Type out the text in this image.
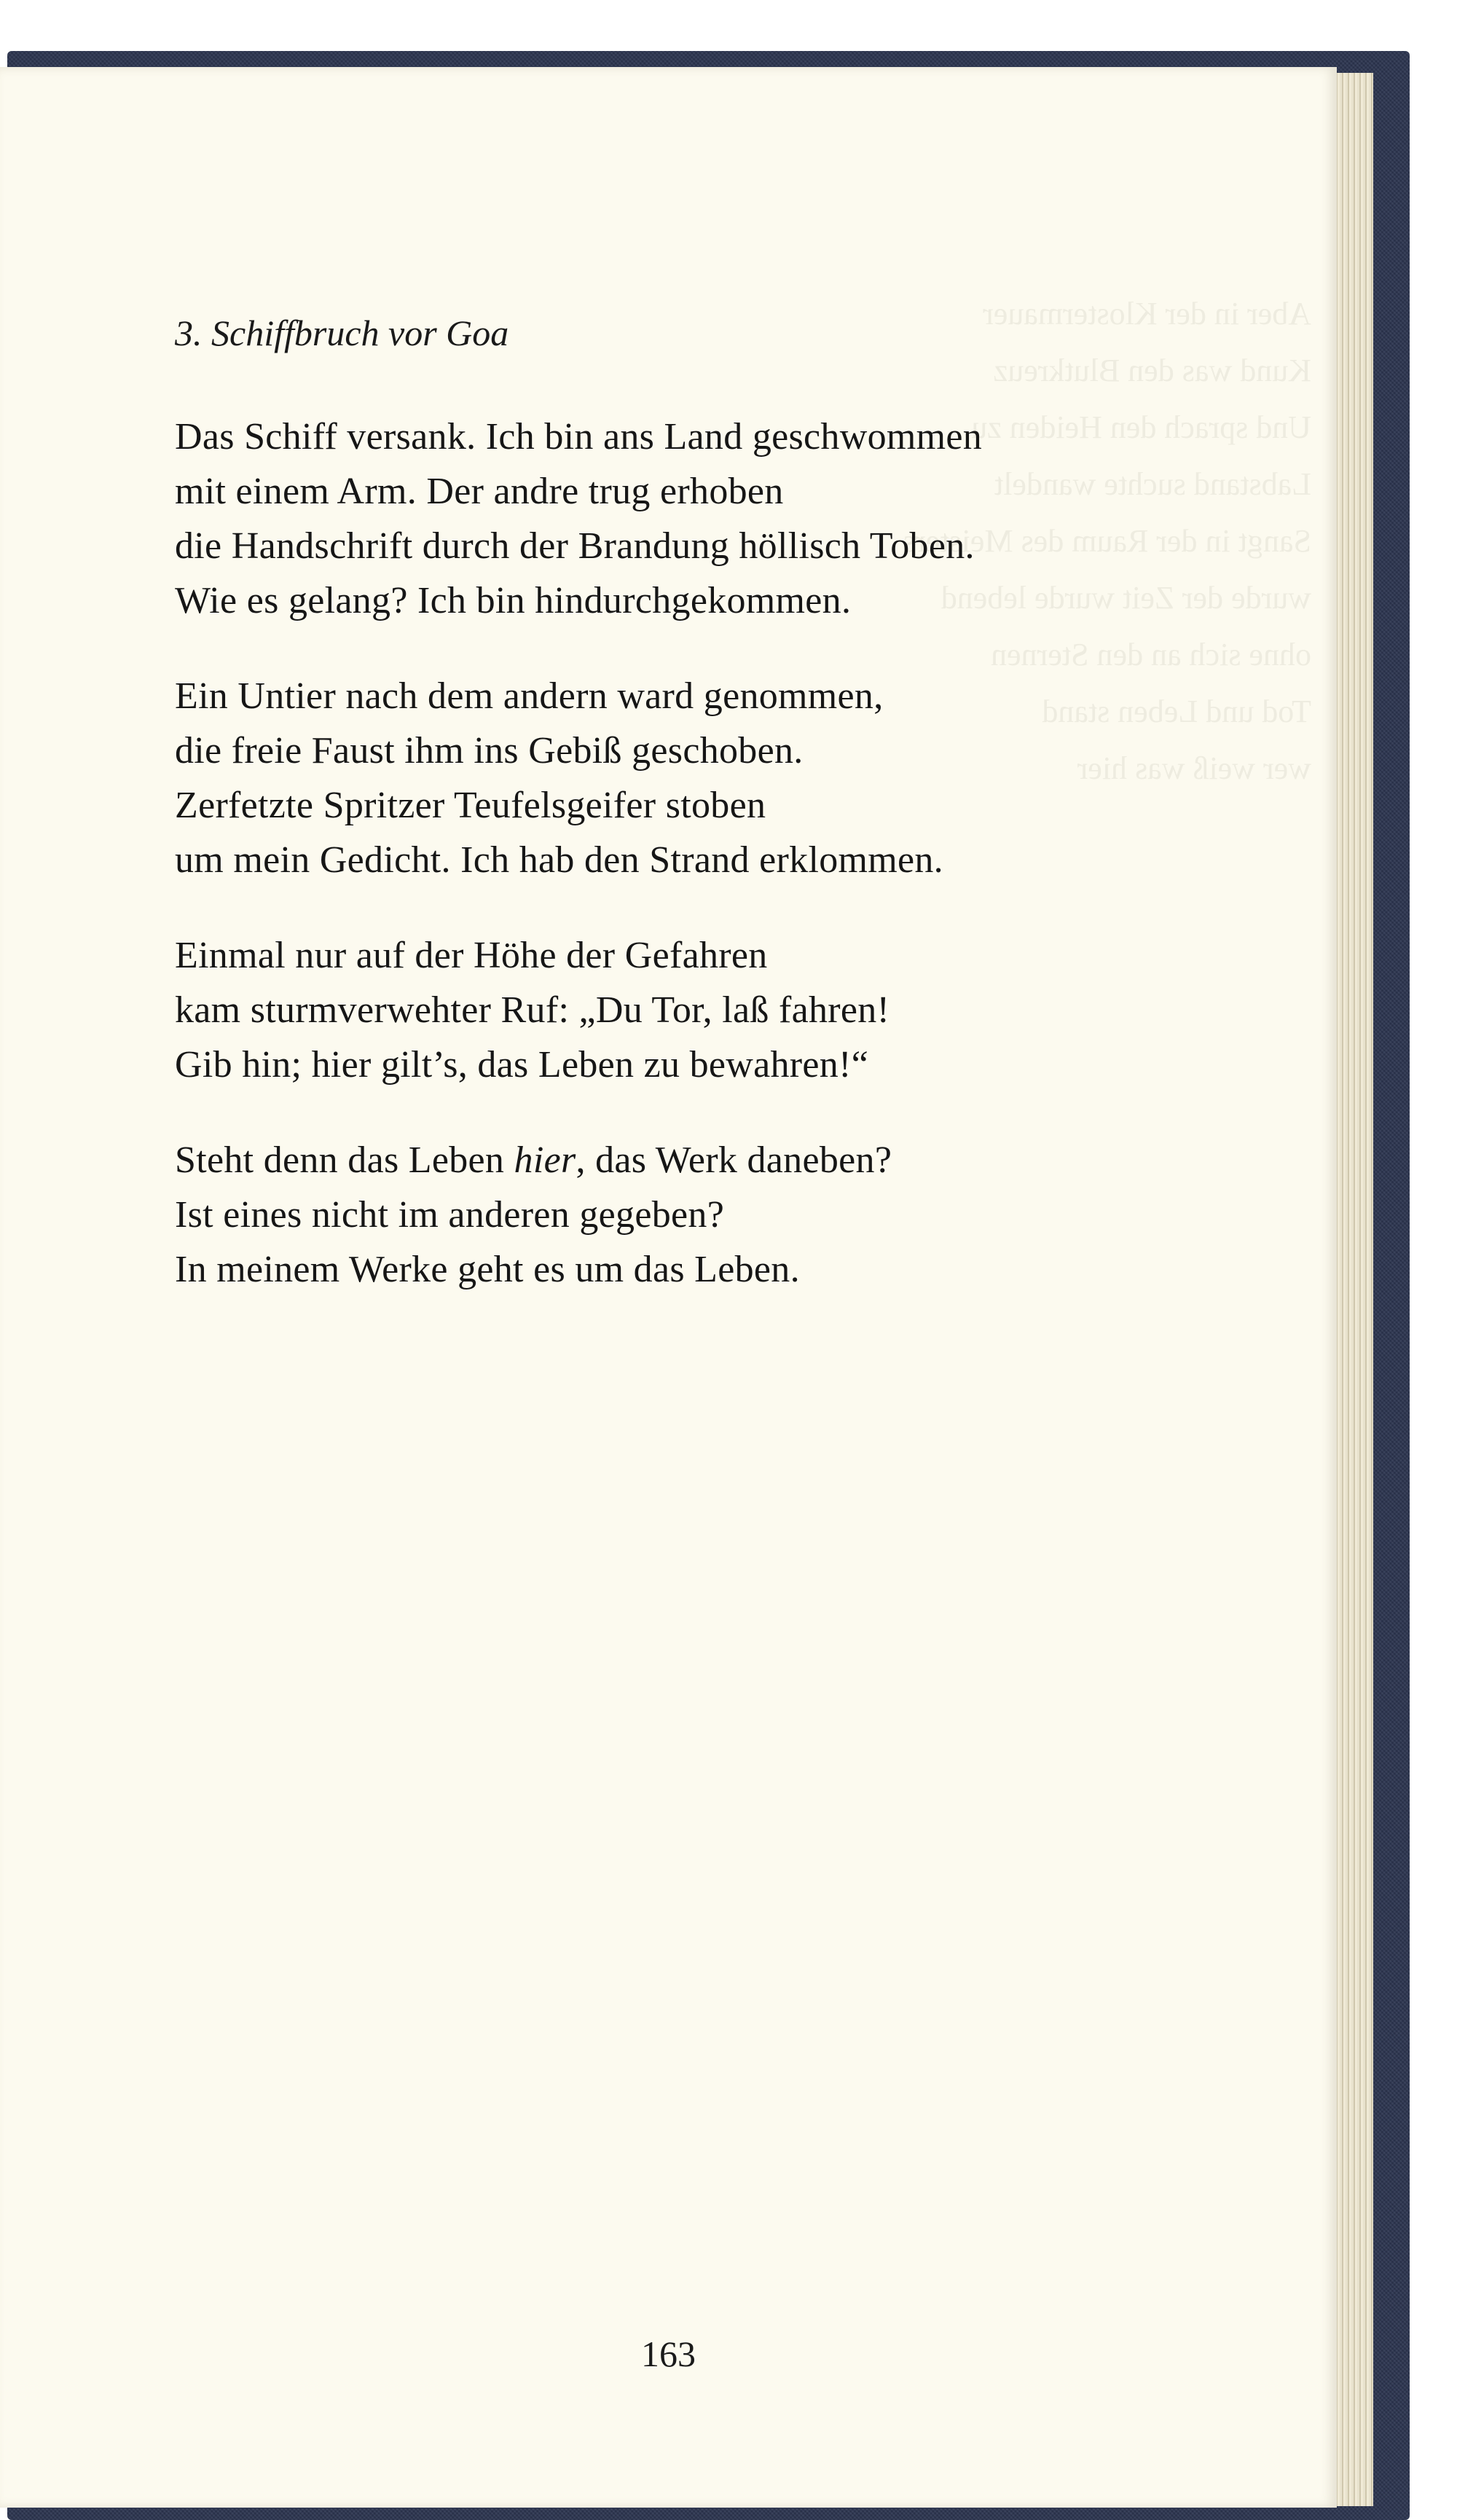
Aber in der Klostermauer
Kund was den Blutkreuz
Und sprach den Heiden zu
Labstand suchte wandelt
Sangt in der Raum des Meisters
wurde der Zeit wurde lebend
ohne sich an den Sternen
Tod und Leben stand
wer weiß was hier
3. Schiffbruch vor Goa
Das Schiff versank. Ich bin ans Land geschwommen
mit einem Arm. Der andre trug erhoben
die Handschrift durch der Brandung höllisch Toben.
Wie es gelang? Ich bin hindurchgekommen.
Ein Untier nach dem andern ward genommen,
die freie Faust ihm ins Gebiß geschoben.
Zerfetzte Spritzer Teufelsgeifer stoben
um mein Gedicht. Ich hab den Strand erklommen.
Einmal nur auf der Höhe der Gefahren
kam sturmverwehter Ruf: „Du Tor, laß fahren!
Gib hin; hier gilt’s, das Leben zu bewahren!“
Steht denn das Leben hier, das Werk daneben?
Ist eines nicht im anderen gegeben?
In meinem Werke geht es um das Leben.
163
